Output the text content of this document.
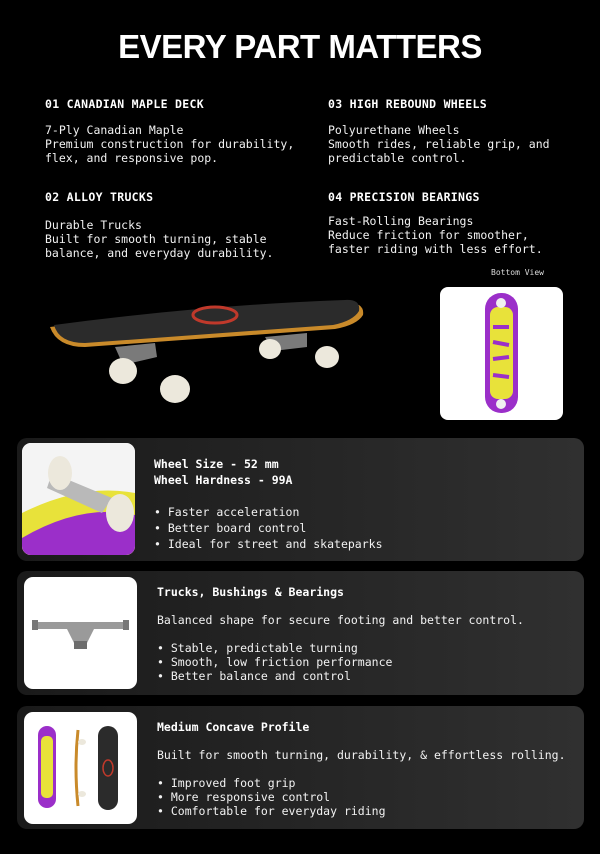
EVERY PART MATTERS
01 CANADIAN MAPLE DECK

7-Ply Canadian Maple
Premium construction for durability,
flex, and responsive pop.

03 HIGH REBOUND WHEELS

Polyurethane Wheels
Smooth rides, reliable grip, and
predictable control.

02 ALLOY TRUCKS

Durable Trucks
Built for smooth turning, stable
balance, and everyday durability.

04 PRECISION BEARINGS

Fast-Rolling Bearings
Reduce friction for smoother,
faster riding with less effort.

Bottom View
Wheel Size - 52 mm
Wheel Hardness - 99A
• Faster acceleration
• Better board control
• Ideal for street and skateparks
Trucks, Bushings & Bearings
Balanced shape for secure footing and better control.
• Stable, predictable turning
• Smooth, low friction performance
• Better balance and control
Medium Concave Profile
Built for smooth turning, durability, & effortless rolling.
• Improved foot grip
• More responsive control
• Comfortable for everyday riding
